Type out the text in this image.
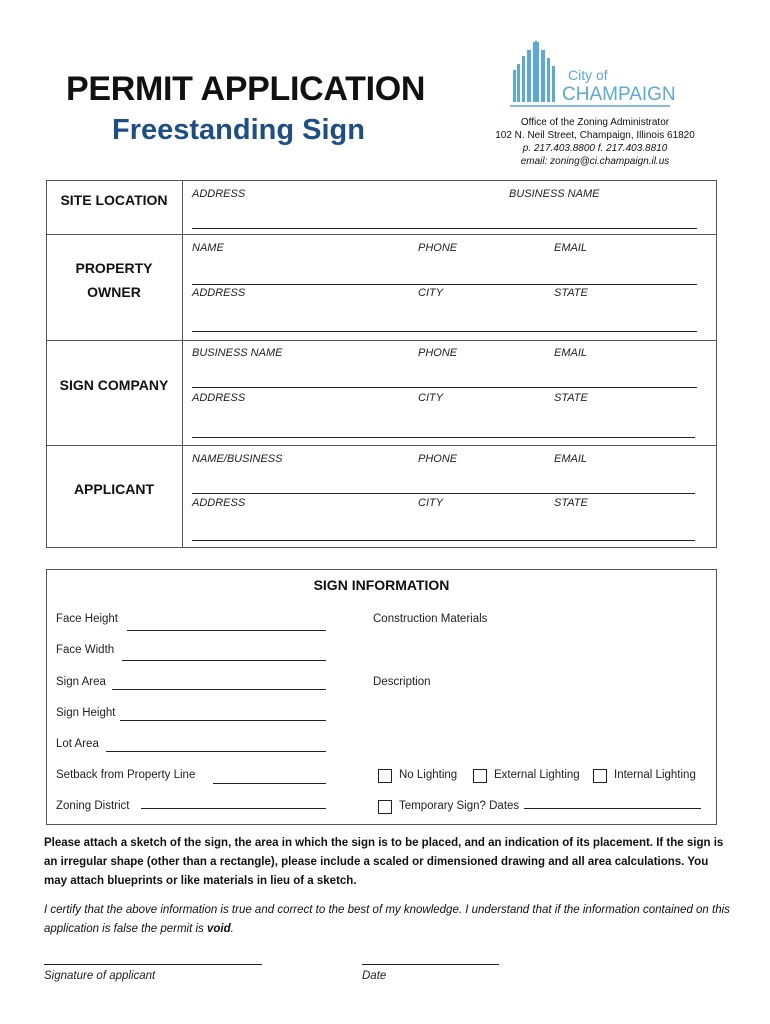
PERMIT APPLICATION
Freestanding Sign
City of
CHAMPAIGN
Office of the Zoning Administrator
102 N. Neil Street, Champaign, Illinois 61820
p. 217.403.8800 f. 217.403.8810
email: zoning@ci.champaign.il.us
SITE LOCATION	ADDRESS	BUSINESS NAME
PROPERTY
OWNER
NAME	PHONE	EMAIL
ADDRESS	CITY	STATE
SIGN COMPANY
BUSINESS NAME	PHONE	EMAIL
ADDRESS	CITY	STATE
APPLICANT
NAME/BUSINESS	PHONE	EMAIL
ADDRESS	CITY	STATE
SIGN INFORMATION
Face Height
Face Width
Sign Area
Sign Height
Lot Area
Setback from Property Line
Zoning District
Construction Materials
Description
No Lighting	External Lighting	Internal Lighting
Temporary Sign? Dates
Please attach a sketch of the sign, the area in which the sign is to be placed, and an indication of its placement. If the sign is an irregular shape (other than a rectangle), please include a scaled or dimensioned drawing and all area calculations. You may attach blueprints or like materials in lieu of a sketch.
I certify that the above information is true and correct to the best of my knowledge. I understand that if the information contained on this application is false the permit is void.
Signature of applicant	Date
